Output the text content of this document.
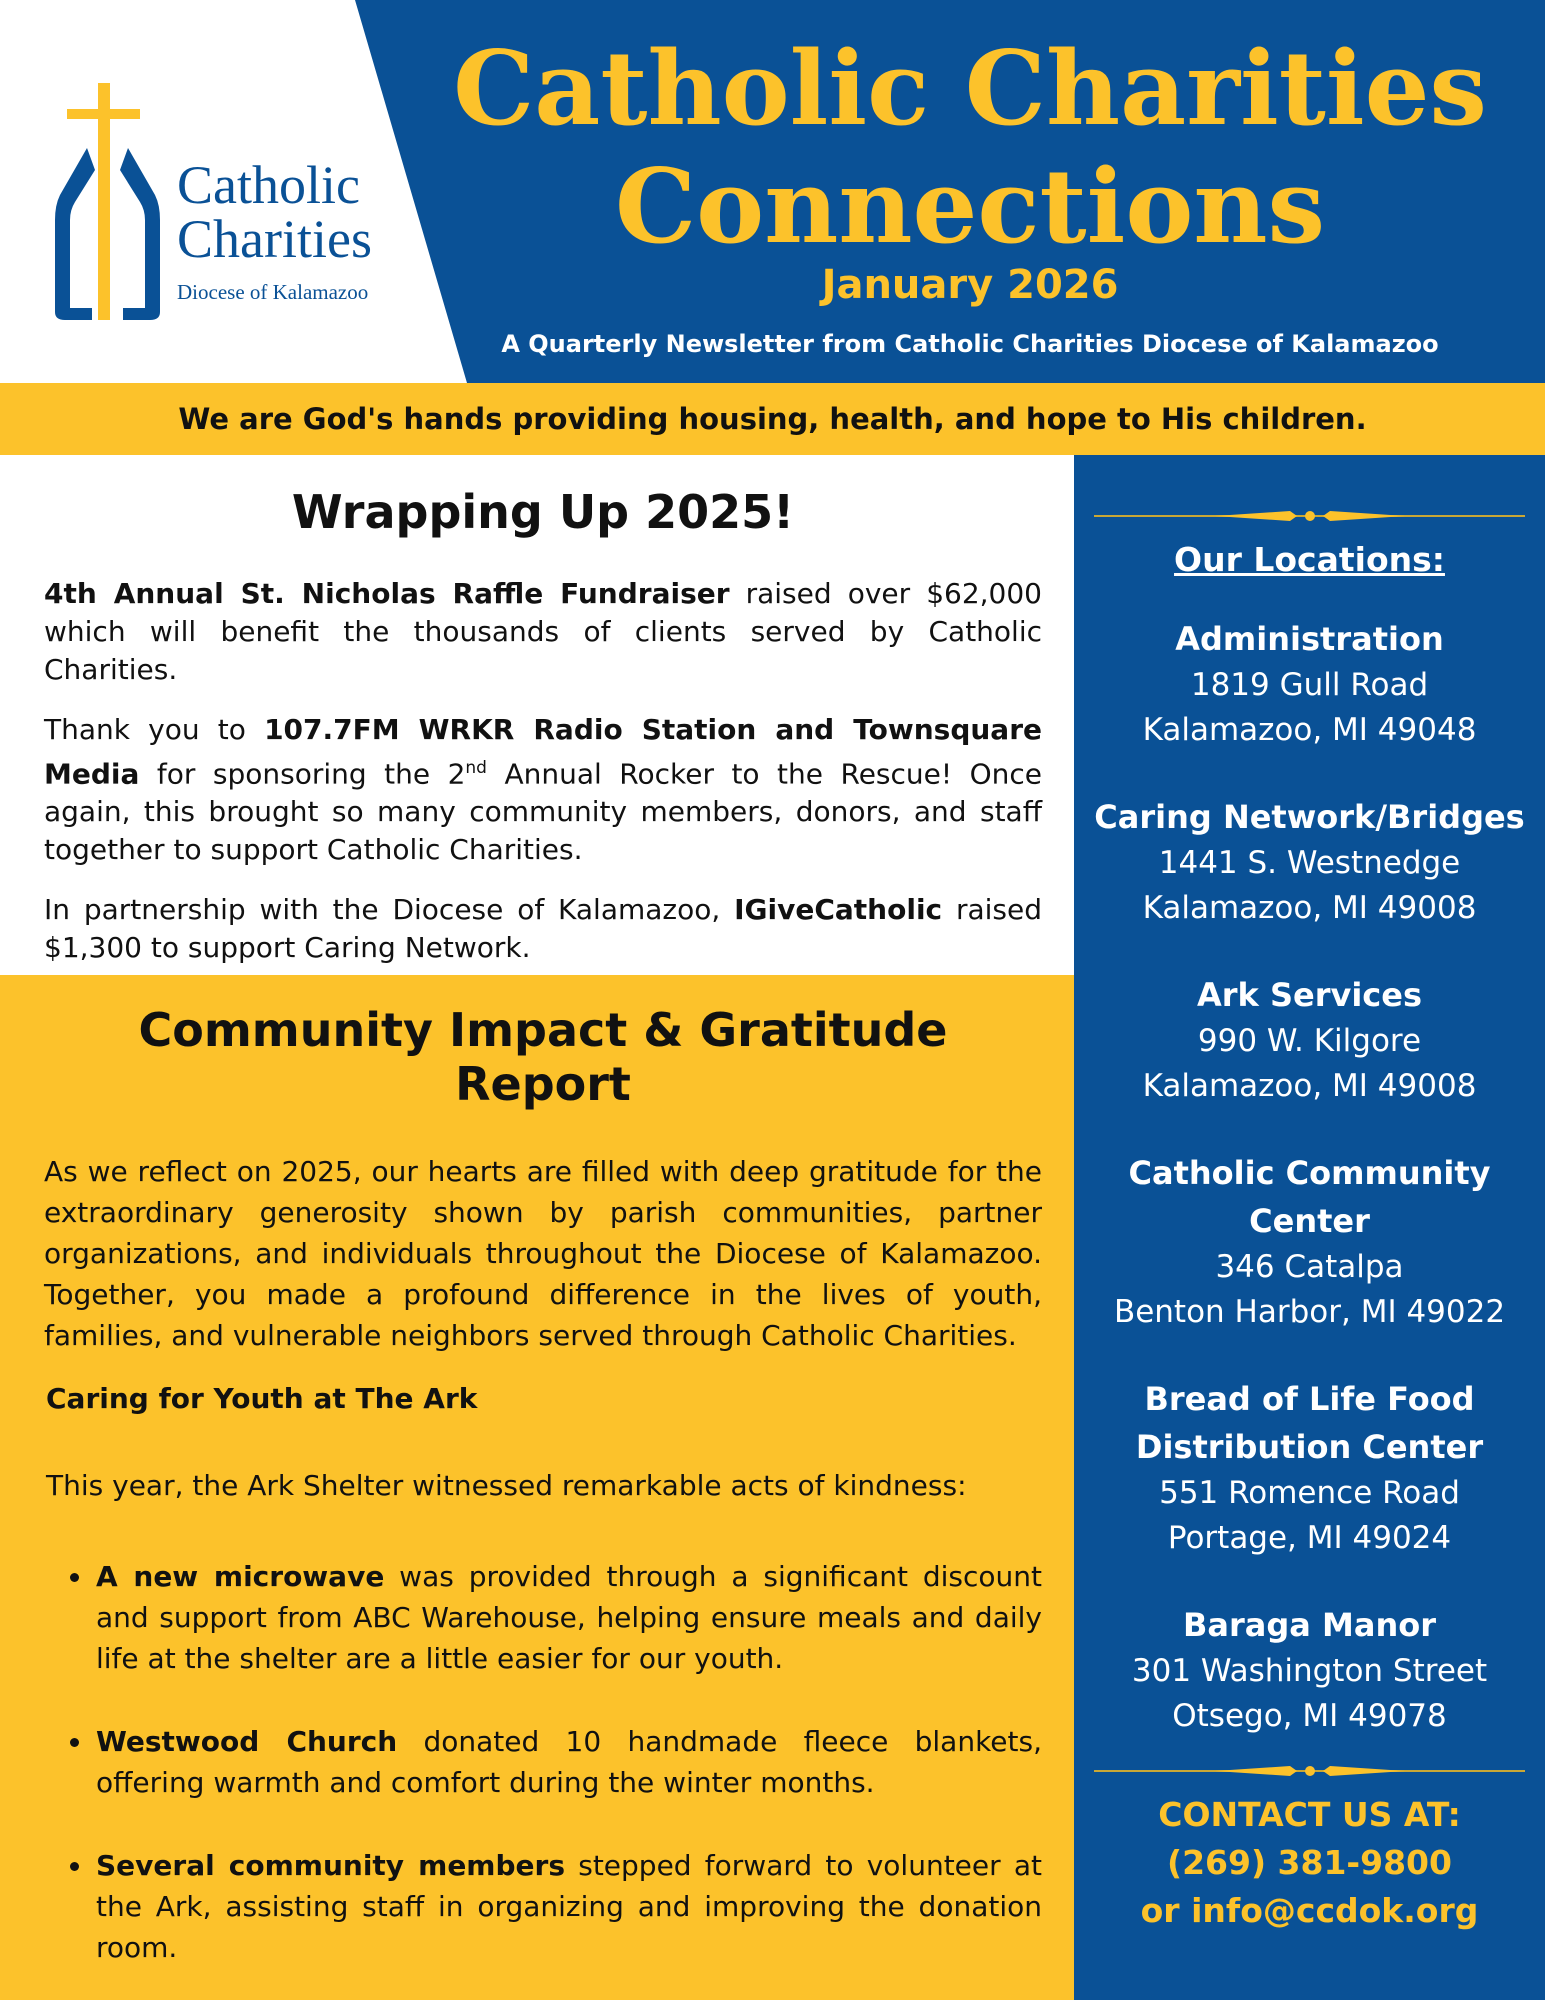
Catholic
Charities
Diocese of Kalamazoo
Catholic Charities
Connections
January 2026
A Quarterly Newsletter from Catholic Charities Diocese of Kalamazoo
We are God's hands providing housing, health, and hope to His children.
Wrapping Up 2025!

4th Annual St. Nicholas Raffle Fundraiser raised over $62,000 which will benefit the thousands of clients served by Catholic Charities.

Thank you to 107.7FM WRKR Radio Station and Townsquare Media for sponsoring the 2nd Annual Rocker to the Rescue! Once again, this brought so many community members, donors, and staff together to support Catholic Charities.

In partnership with the Diocese of Kalamazoo, IGiveCatholic raised $1,300 to support Caring Network.

Community Impact & Gratitude Report

As we reflect on 2025, our hearts are filled with deep gratitude for the extraordinary generosity shown by parish communities, partner organizations, and individuals throughout the Diocese of Kalamazoo. Together, you made a profound difference in the lives of youth, families, and vulnerable neighbors served through Catholic Charities.

Caring for Youth at The Ark

This year, the Ark Shelter witnessed remarkable acts of kindness:

• A new microwave was provided through a significant discount and support from ABC Warehouse, helping ensure meals and daily life at the shelter are a little easier for our youth.
• Westwood Church donated 10 handmade fleece blankets, offering warmth and comfort during the winter months.
• Several community members stepped forward to volunteer at the Ark, assisting staff in organizing and improving the donation room.
Our Locations:
Administration
1819 Gull Road
Kalamazoo, MI 49048
Caring Network/Bridges
1441 S. Westnedge
Kalamazoo, MI 49008
Ark Services
990 W. Kilgore
Kalamazoo, MI 49008
Catholic Community Center
346 Catalpa
Benton Harbor, MI 49022
Bread of Life Food Distribution Center
551 Romence Road
Portage, MI 49024
Baraga Manor
301 Washington Street
Otsego, MI 49078
CONTACT US AT:
(269) 381-9800
or info@ccdok.org
